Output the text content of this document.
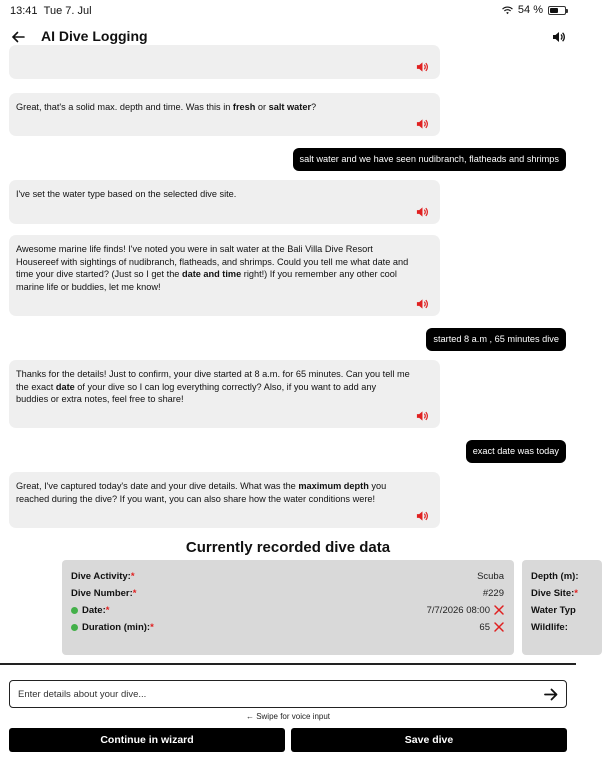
13:41 Tue 7. Jul	54 %
AI Dive Logging
Great, that's a solid max. depth and time. Was this in fresh or salt water?
salt water and we have seen nudibranch, flatheads and shrimps
I've set the water type based on the selected dive site.
Awesome marine life finds! I've noted you were in salt water at the Bali Villa Dive Resort Housereef with sightings of nudibranch, flatheads, and shrimps. Could you tell me what date and time your dive started? (Just so I get the date and time right!) If you remember any other cool marine life or buddies, let me know!
started 8 a.m , 65 minutes dive
Thanks for the details! Just to confirm, your dive started at 8 a.m. for 65 minutes. Can you tell me the exact date of your dive so I can log everything correctly? Also, if you want to add any buddies or extra notes, feel free to share!
exact date was today
Great, I've captured today's date and your dive details. What was the maximum depth you reached during the dive? If you want, you can also share how the water conditions were!
Currently recorded dive data
Dive Activity: *	Scuba
Dive Number: *	#229
Date: *	7/7/2026 08:00
Duration (min): *	65
Depth (m):
Dive Site: *
Water Typ
Wildlife:
Enter details about your dive...
← Swipe for voice input
Continue in wizard	Save dive
